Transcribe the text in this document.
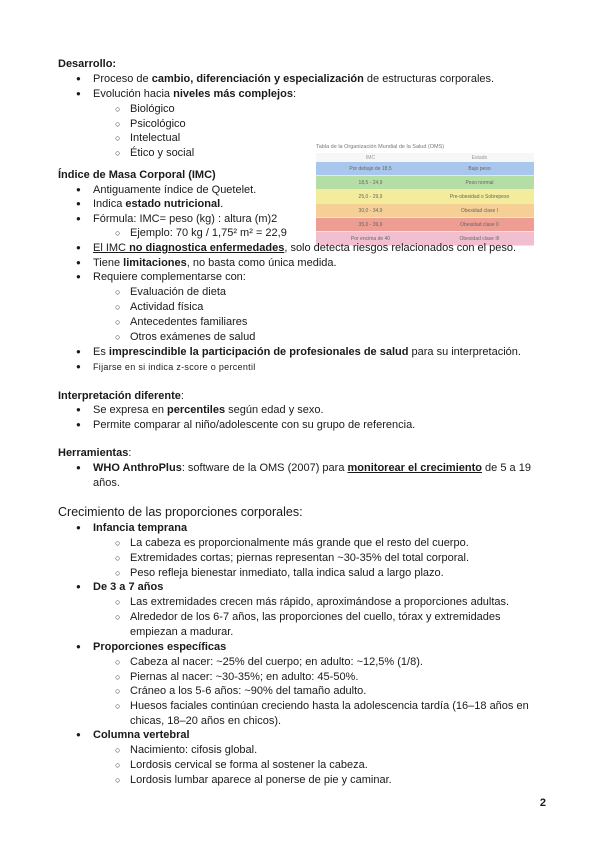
Desarrollo:
● Proceso de cambio, diferenciación y especialización de estructuras corporales.
● Evolución hacia niveles más complejos:
○ Biológico
○ Psicológico
○ Intelectual
○ Ético y social	Tabla de la Organización Mundial de la Salud (OMS)
IMC	Estado
Por debajo de 18,5	Bajo peso
18,5 - 24,9	Peso normal
25,0 - 29,9	Pre-obesidad o Sobrepeso
30,0 - 34,9	Obesidad clase I
35,0 - 39,9	Obesidad clase II
Por encima de 40	Obesidad clase III
Índice de Masa Corporal (IMC)
● Antiguamente índice de Quetelet.
● Indica estado nutricional.
● Fórmula: IMC= peso (kg) : altura (m)2
○ Ejemplo: 70 kg / 1,75² m² = 22,9
● El IMC no diagnostica enfermedades, solo detecta riesgos relacionados con el peso.
● Tiene limitaciones, no basta como única medida.
● Requiere complementarse con:
○ Evaluación de dieta
○ Actividad física
○ Antecedentes familiares
○ Otros exámenes de salud
● Es imprescindible la participación de profesionales de salud para su interpretación.
● Fijarse en si indica z-score o percentil
Interpretación diferente:
● Se expresa en percentiles según edad y sexo.
● Permite comparar al niño/adolescente con su grupo de referencia.
Herramientas:
● WHO AnthroPlus: software de la OMS (2007) para monitorear el crecimiento de 5 a 19
años.
Crecimiento de las proporciones corporales:
● Infancia temprana
○ La cabeza es proporcionalmente más grande que el resto del cuerpo.
○ Extremidades cortas; piernas representan ~30-35% del total corporal.
○ Peso refleja bienestar inmediato, talla indica salud a largo plazo.
● De 3 a 7 años
○ Las extremidades crecen más rápido, aproximándose a proporciones adultas.
○ Alrededor de los 6-7 años, las proporciones del cuello, tórax y extremidades
empiezan a madurar.
● Proporciones específicas
○ Cabeza al nacer: ~25% del cuerpo; en adulto: ~12,5% (1/8).
○ Piernas al nacer: ~30-35%; en adulto: 45-50%.
○ Cráneo a los 5-6 años: ~90% del tamaño adulto.
○ Huesos faciales continúan creciendo hasta la adolescencia tardía (16–18 años en
chicas, 18–20 años en chicos).
● Columna vertebral
○ Nacimiento: cifosis global.
○ Lordosis cervical se forma al sostener la cabeza.
○ Lordosis lumbar aparece al ponerse de pie y caminar.
2
